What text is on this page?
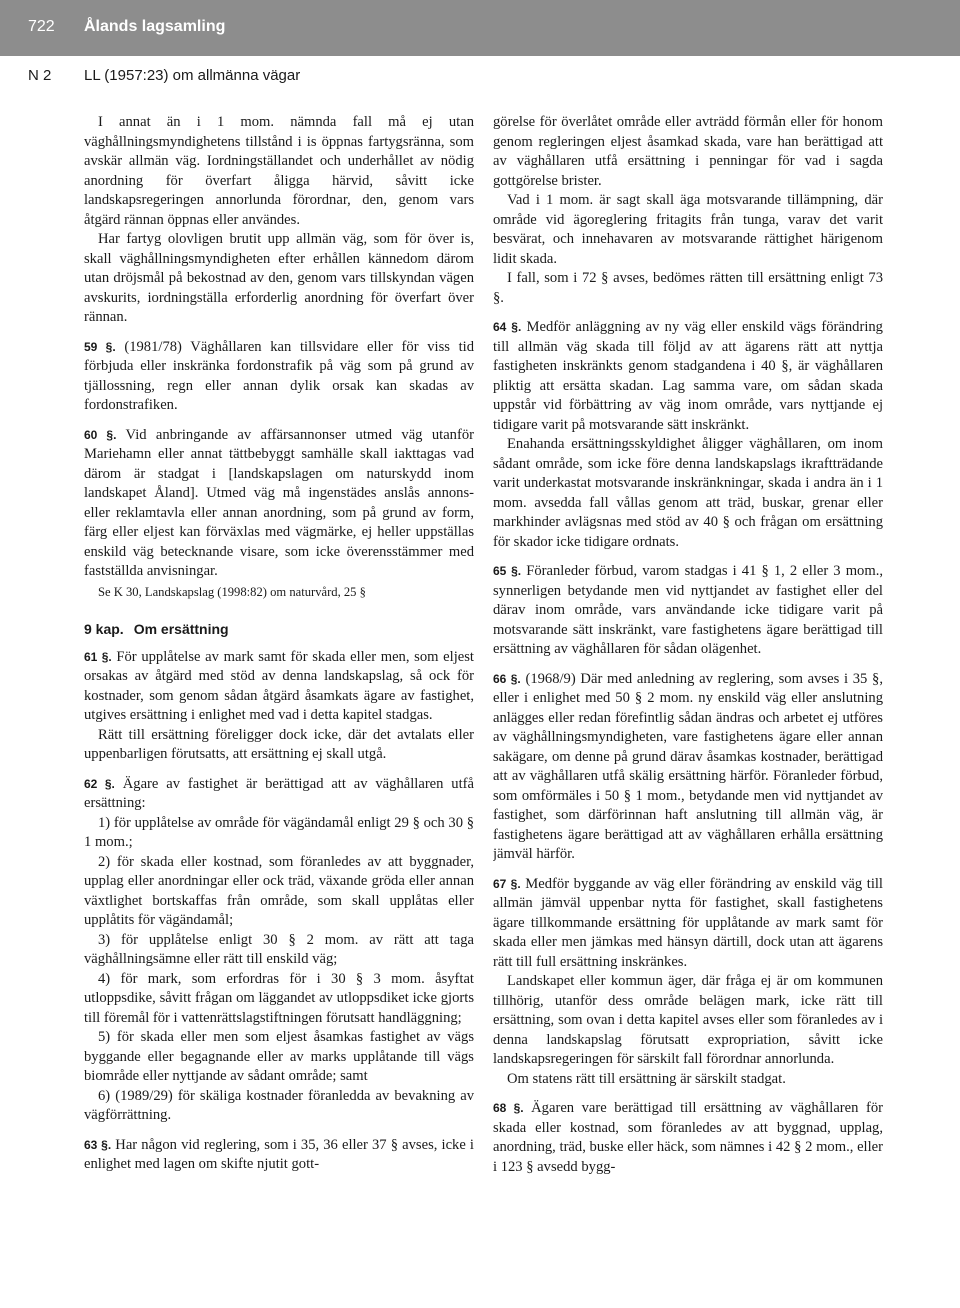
722 Ålands lagsamling
N 2 LL (1957:23) om allmänna vägar

I annat än i 1 mom. nämnda fall må ej utan väghållningsmyndighetens tillstånd i is öppnas fartygsränna, som avskär allmän väg. Iordningställandet och underhållet av nödig anordning för överfart åligga härvid, såvitt icke landskapsregeringen annorlunda förordnar, den, genom vars åtgärd rännan öppnas eller användes.

Har fartyg olovligen brutit upp allmän väg, som för över is, skall väghållningsmyndigheten efter erhållen kännedom därom utan dröjsmål på bekostnad av den, genom vars tillskyndan vägen avskurits, iordningställa erforderlig anordning för överfart över rännan.

59 §. (1981/78) Väghållaren kan tillsvidare eller för viss tid förbjuda eller inskränka fordonstrafik på väg som på grund av tjällossning, regn eller annan dylik orsak kan skadas av fordonstrafiken.

60 §. Vid anbringande av affärsannonser utmed väg utanför Mariehamn eller annat tättbebyggt samhälle skall iakttagas vad därom är stadgat i [landskapslagen om naturskydd inom landskapet Åland]. Utmed väg må ingenstädes anslås annons- eller reklamtavla eller annan anordning, som på grund av form, färg eller eljest kan förväxlas med vägmärke, ej heller uppställas enskild väg betecknande visare, som icke överensstämmer med fastställda anvisningar.

Se K 30, Landskapslag (1998:82) om naturvård, 25 §

9 kap. Om ersättning

61 §. För upplåtelse av mark samt för skada eller men, som eljest orsakas av åtgärd med stöd av denna landskapslag, så ock för kostnader, som genom sådan åtgärd åsamkats ägare av fastighet, utgives ersättning i enlighet med vad i detta kapitel stadgas.

Rätt till ersättning föreligger dock icke, där det avtalats eller uppenbarligen förutsatts, att ersättning ej skall utgå.

62 §. Ägare av fastighet är berättigad att av väghållaren utfå ersättning:

1) för upplåtelse av område för vägändamål enligt 29 § och 30 § 1 mom.;

2) för skada eller kostnad, som föranledes av att byggnader, upplag eller anordningar eller ock träd, växande gröda eller annan växtlighet bortskaffas från område, som skall upplåtas eller upplåtits för vägändamål;

3) för upplåtelse enligt 30 § 2 mom. av rätt att taga väghållningsämne eller rätt till enskild väg;

4) för mark, som erfordras för i 30 § 3 mom. åsyftat utloppsdike, såvitt frågan om läggandet av utloppsdiket icke gjorts till föremål för i vattenrättslagstiftningen förutsatt handläggning;

5) för skada eller men som eljest åsamkas fastighet av vägs byggande eller begagnande eller av marks upplåtande till vägs biområde eller nyttjande av sådant område; samt

6) (1989/29) för skäliga kostnader föranledda av bevakning av vägförrättning.

63 §. Har någon vid reglering, som i 35, 36 eller 37 § avses, icke i enlighet med lagen om skifte njutit gott-

görelse för överlåtet område eller avträdd förmån eller för honom genom regleringen eljest åsamkad skada, vare han berättigad att av väghållaren utfå ersättning i penningar för vad i sagda gottgörelse brister.

Vad i 1 mom. är sagt skall äga motsvarande tillämpning, där område vid ägoreglering fritagits från tunga, varav det varit besvärat, och innehavaren av motsvarande rättighet härigenom lidit skada.

I fall, som i 72 § avses, bedömes rätten till ersättning enligt 73 §.

64 §. Medför anläggning av ny väg eller enskild vägs förändring till allmän väg skada till följd av att ägarens rätt att nyttja fastigheten inskränkts genom stadgandena i 40 §, är väghållaren pliktig att ersätta skadan. Lag samma vare, om sådan skada uppstår vid förbättring av väg inom område, vars nyttjande ej tidigare varit på motsvarande sätt inskränkt.

Enahanda ersättningsskyldighet åligger väghållaren, om inom sådant område, som icke före denna landskapslags ikraftträdande varit underkastat motsvarande inskränkningar, skada i andra än i 1 mom. avsedda fall vållas genom att träd, buskar, grenar eller markhinder avlägsnas med stöd av 40 § och frågan om ersättning för skador icke tidigare ordnats.

65 §. Föranleder förbud, varom stadgas i 41 § 1, 2 eller 3 mom., synnerligen betydande men vid nyttjandet av fastighet eller del därav inom område, vars användande icke tidigare varit på motsvarande sätt inskränkt, vare fastighetens ägare berättigad till ersättning av väghållaren för sådan olägenhet.

66 §. (1968/9) Där med anledning av reglering, som avses i 35 §, eller i enlighet med 50 § 2 mom. ny enskild väg eller anslutning anlägges eller redan förefintlig sådan ändras och arbetet ej utföres av väghållningsmyndigheten, vare fastighetens ägare eller annan sakägare, om denne på grund därav åsamkas kostnader, berättigad att av väghållaren utfå skälig ersättning härför. Föranleder förbud, som omförmäles i 50 § 1 mom., betydande men vid nyttjandet av fastighet, som därförinnan haft anslutning till allmän väg, är fastighetens ägare berättigad att av väghållaren erhålla ersättning jämväl härför.

67 §. Medför byggande av väg eller förändring av enskild väg till allmän jämväl uppenbar nytta för fastighet, skall fastighetens ägare tillkommande ersättning för upplåtande av mark samt för skada eller men jämkas med hänsyn därtill, dock utan att ägarens rätt till full ersättning inskränkes.

Landskapet eller kommun äger, där fråga ej är om kommunen tillhörig, utanför dess område belägen mark, icke rätt till ersättning, som ovan i detta kapitel avses eller som föranledes av i denna landskapslag förutsatt expropriation, såvitt icke landskapsregeringen för särskilt fall förordnar annorlunda.

Om statens rätt till ersättning är särskilt stadgat.

68 §. Ägaren vare berättigad till ersättning av väghållaren för skada eller kostnad, som föranledes av att byggnad, upplag, anordning, träd, buske eller häck, som nämnes i 42 § 2 mom., eller i 123 § avsedd bygg-
